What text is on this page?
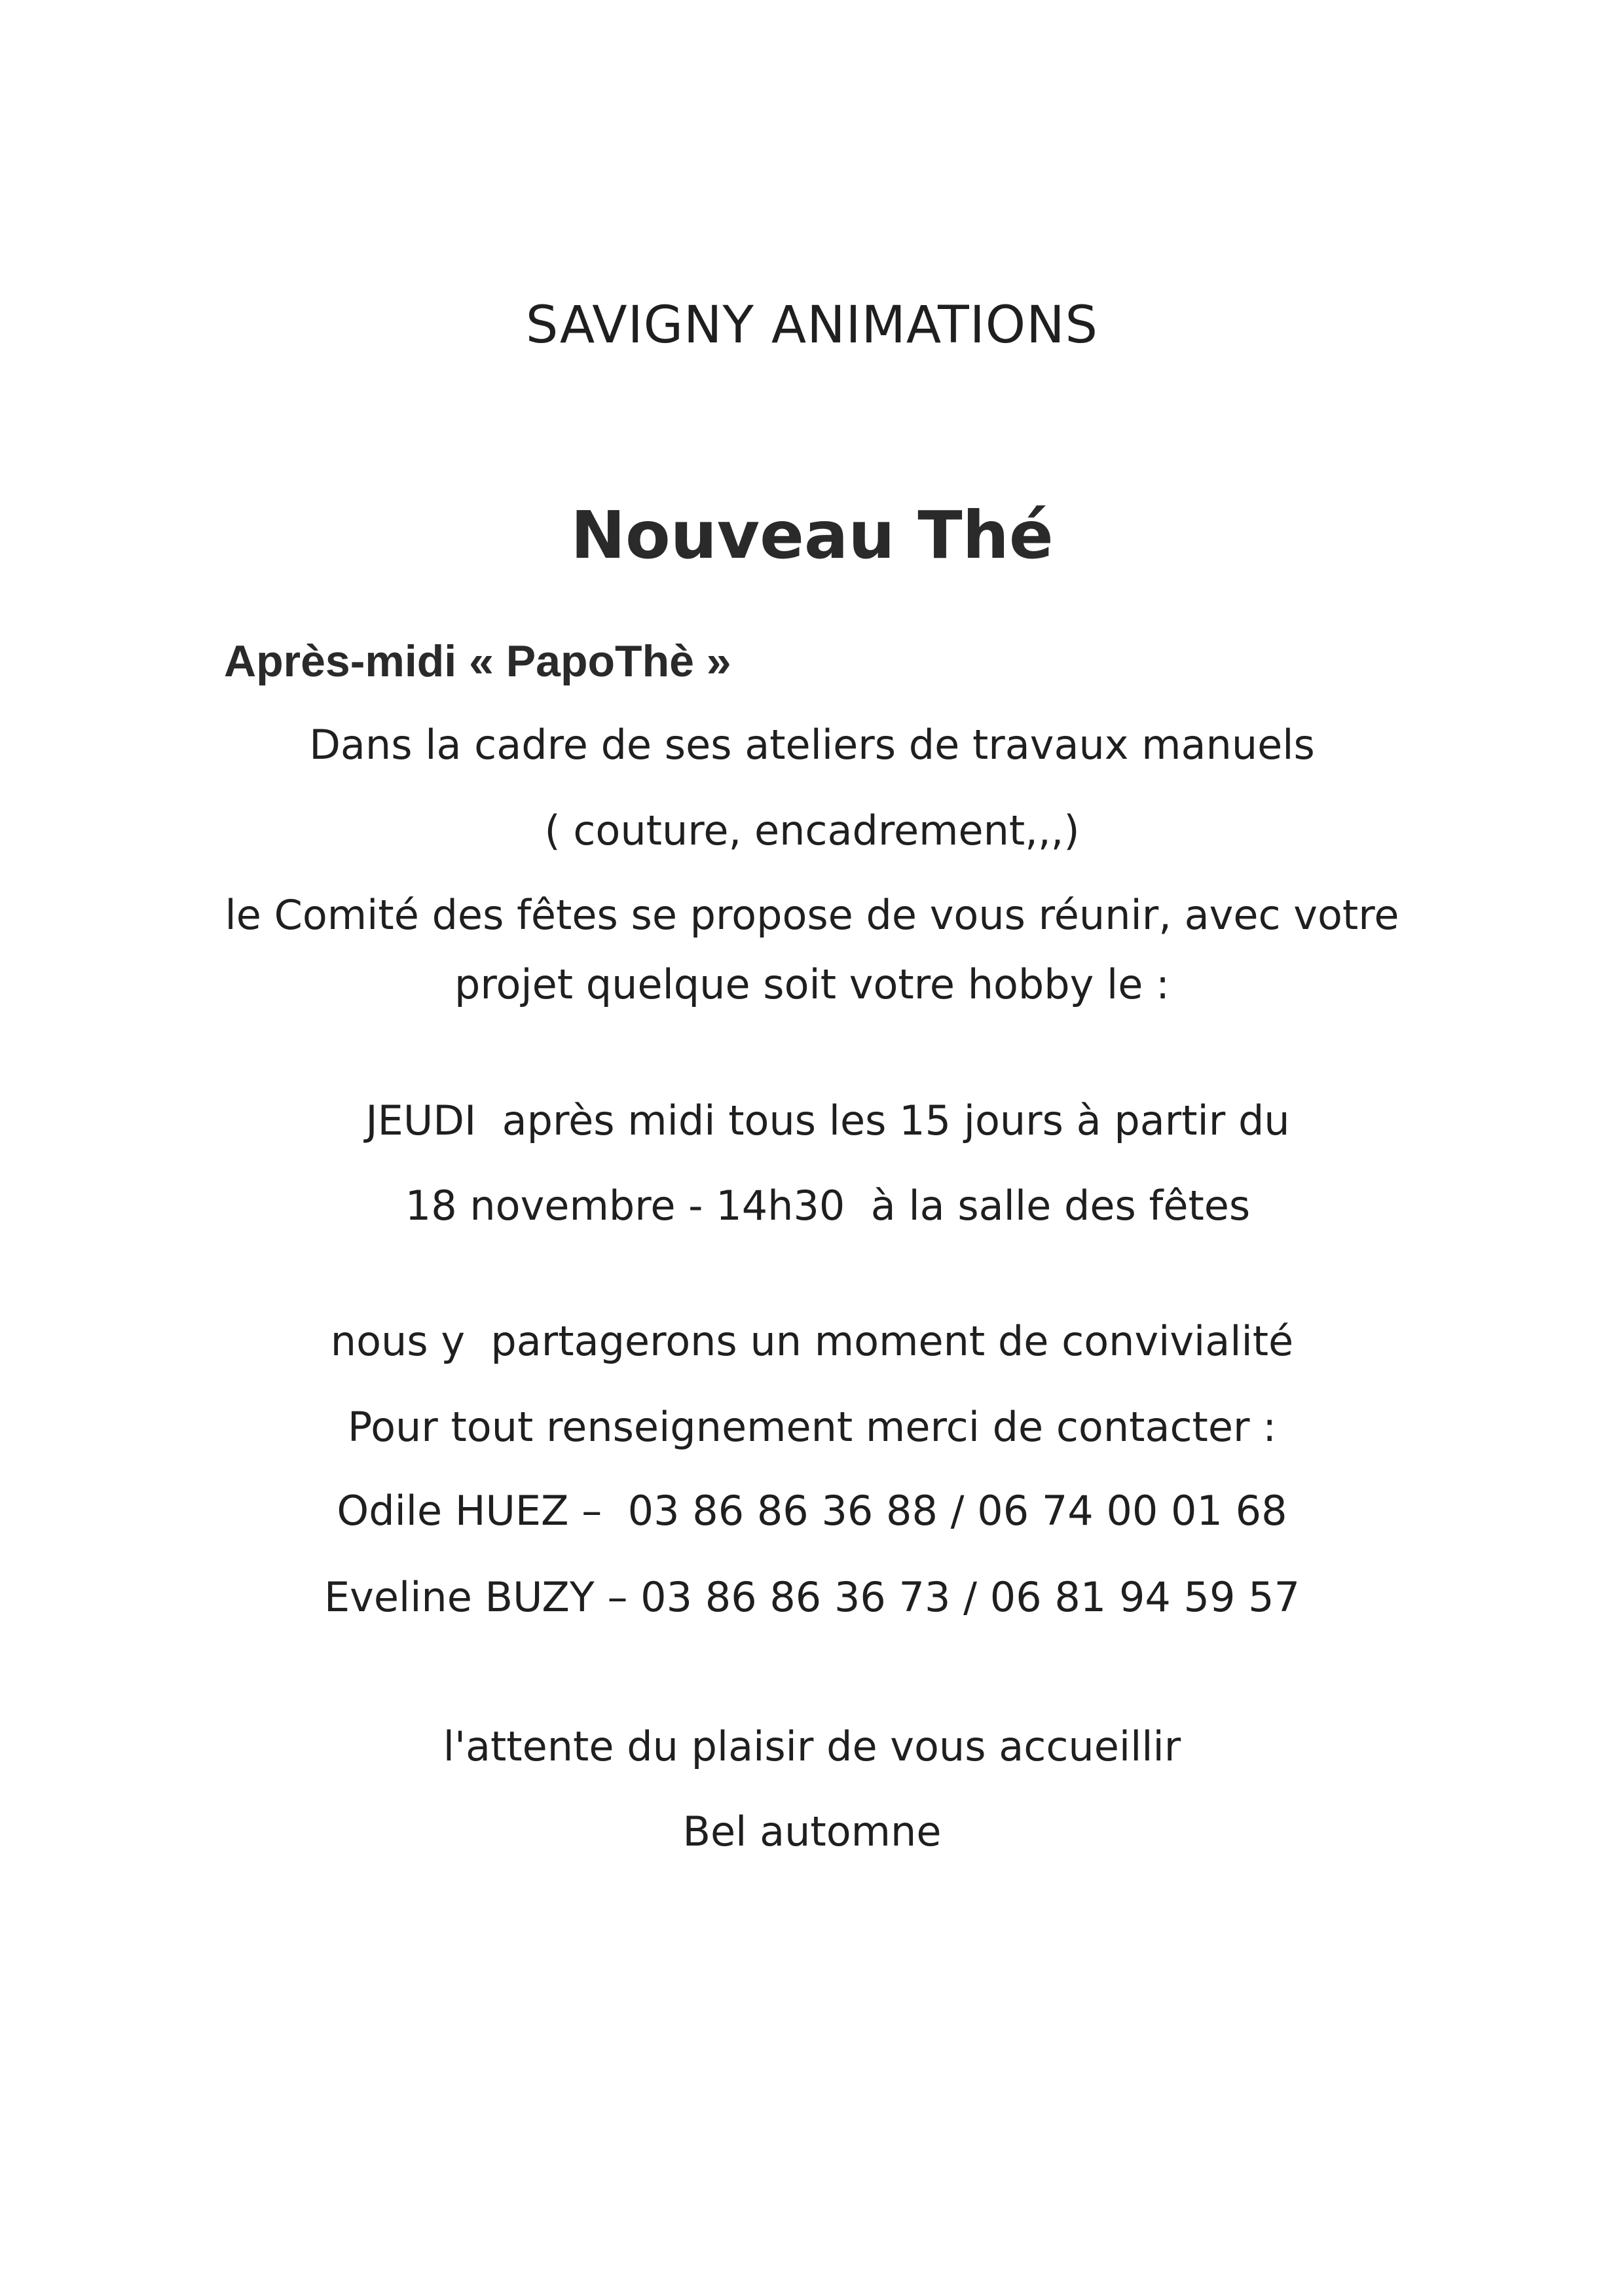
SAVIGNY ANIMATIONS
Nouveau Thé
Après-midi « PapoThè »
Dans la cadre de ses ateliers de travaux manuels
( couture, encadrement,,,)
le Comité des fêtes se propose de vous réunir, avec votre
projet quelque soit votre hobby le :
JEUDI  après midi tous les 15 jours à partir du
18 novembre - 14h30  à la salle des fêtes
nous y  partagerons un moment de convivialité
Pour tout renseignement merci de contacter :
Odile HUEZ –  03 86 86 36 88 / 06 74 00 01 68
Eveline BUZY – 03 86 86 36 73 / 06 81 94 59 57
l'attente du plaisir de vous accueillir
Bel automne
